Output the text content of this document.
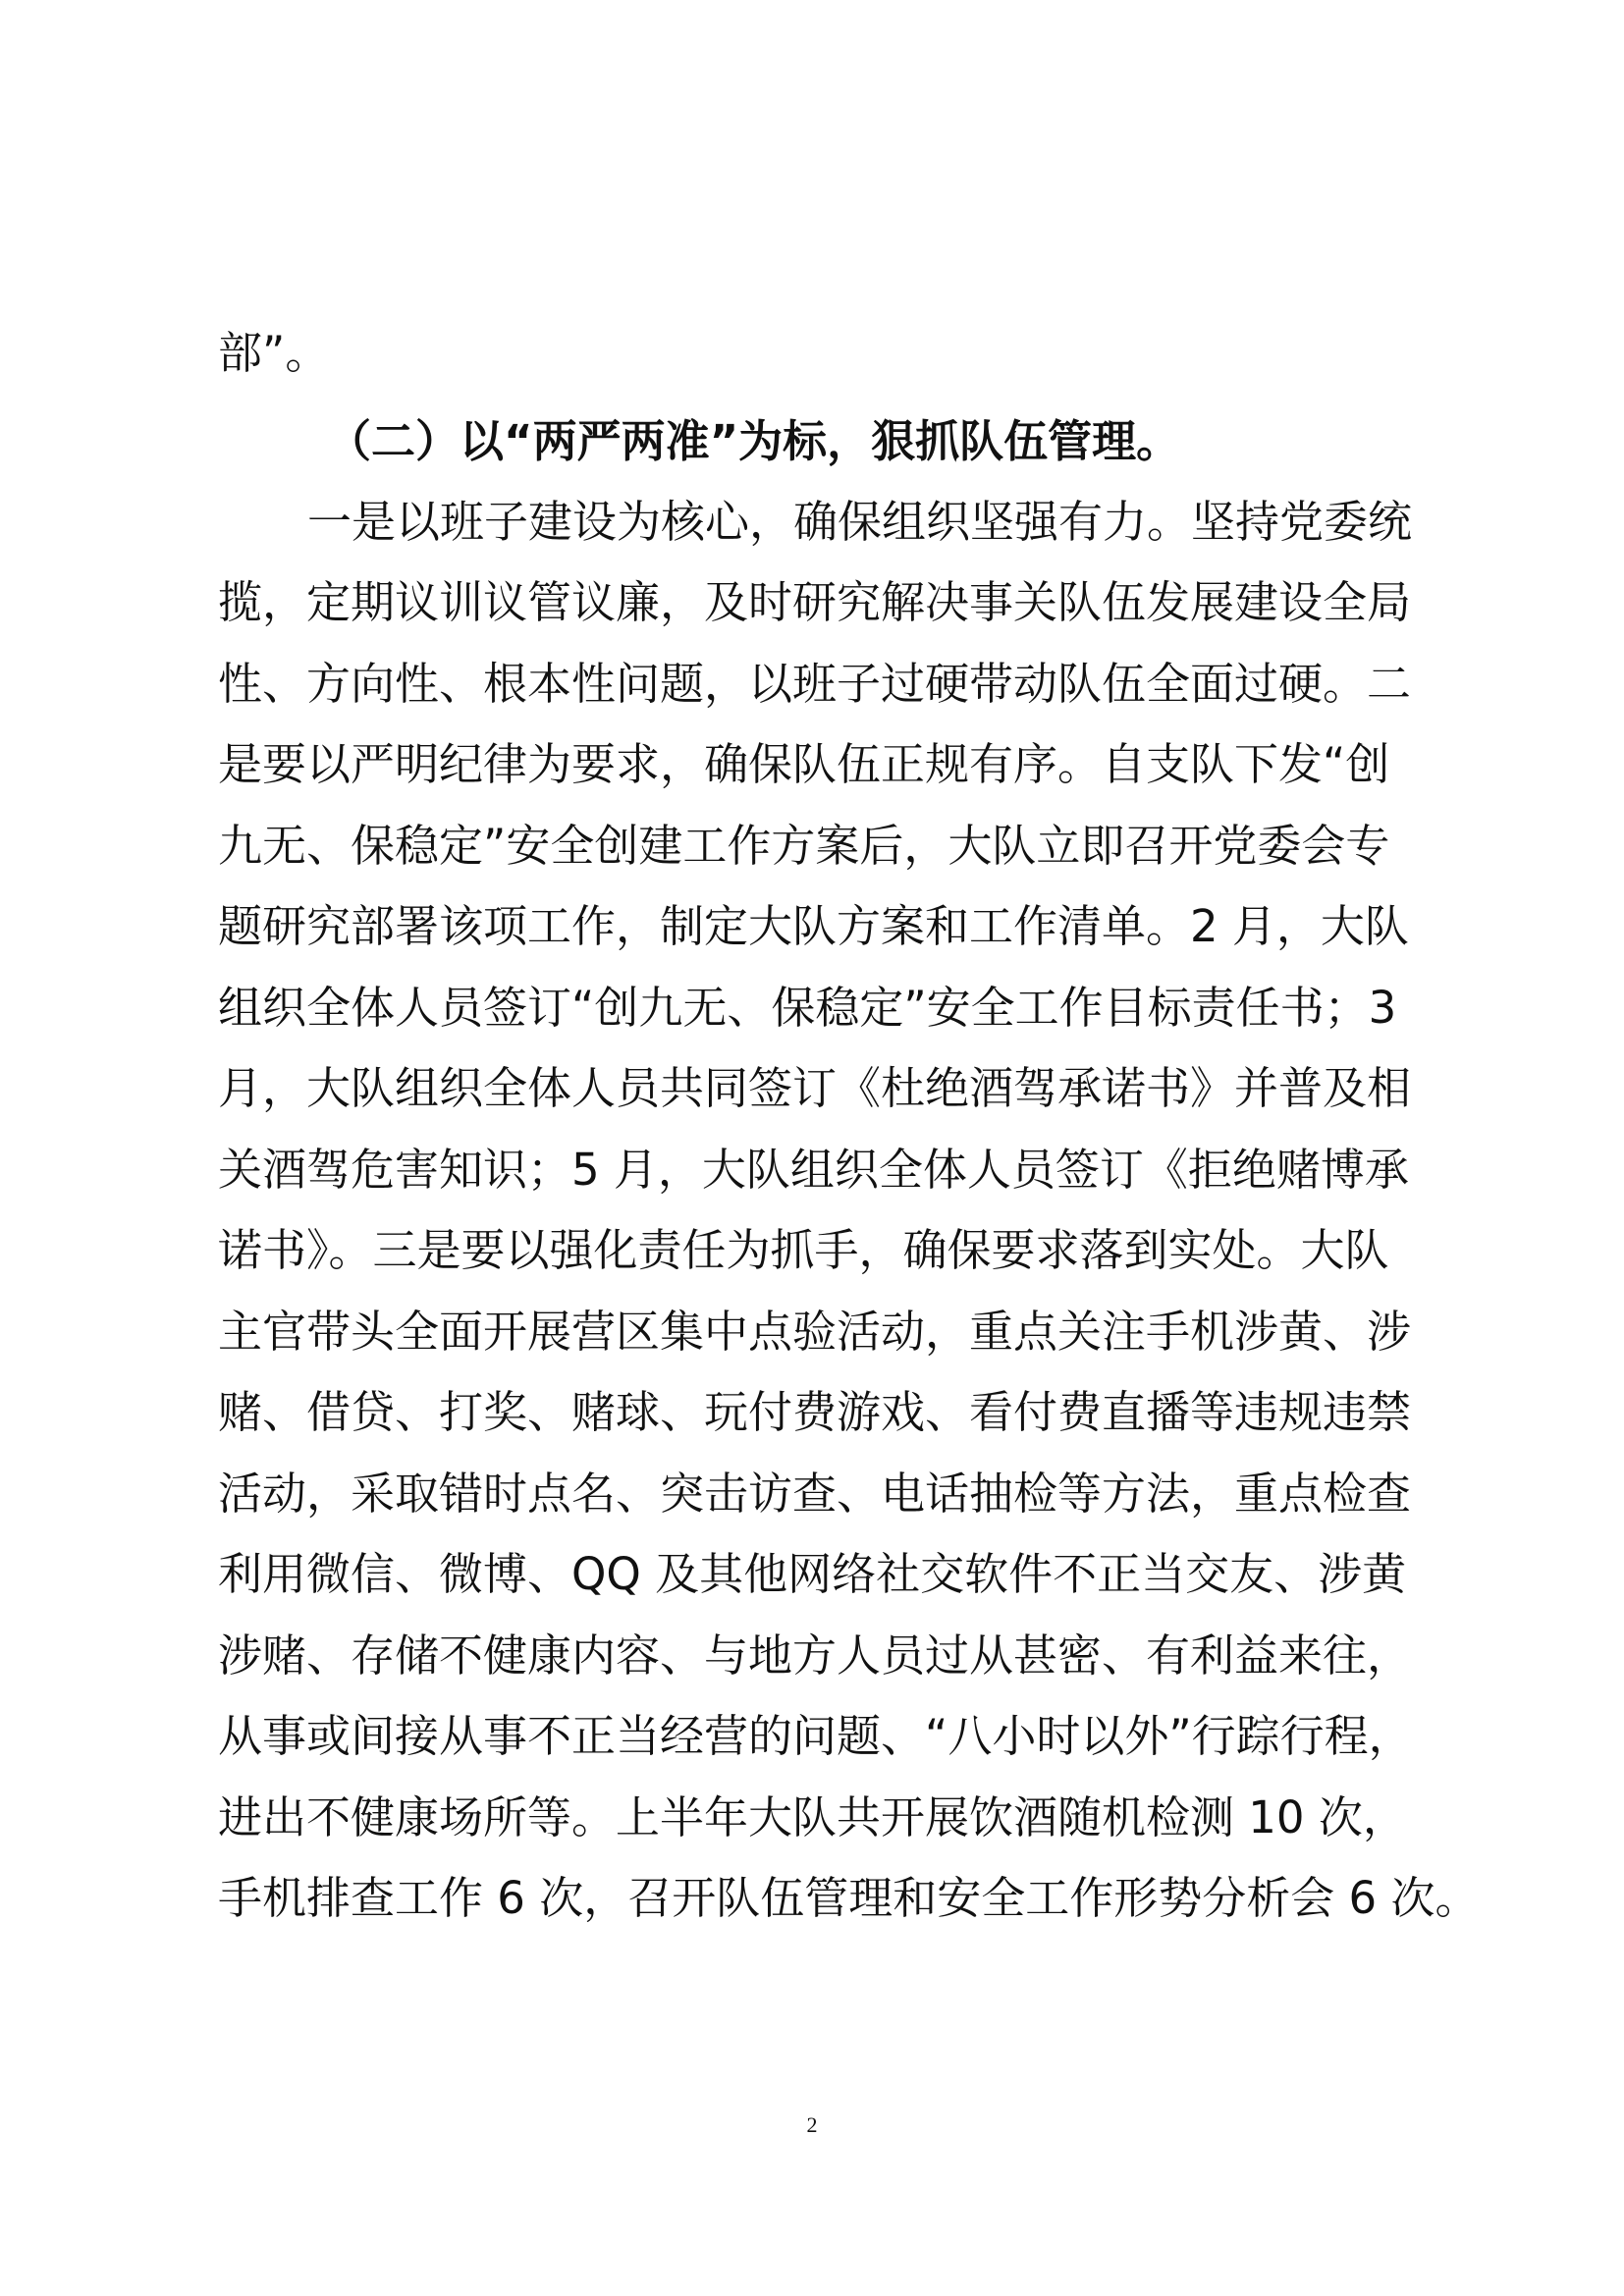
部”。
（二）以“两严两准”为标，狠抓队伍管理。
一是以班子建设为核心，确保组织坚强有力。坚持党委统
揽，定期议训议管议廉，及时研究解决事关队伍发展建设全局
性、方向性、根本性问题，以班子过硬带动队伍全面过硬。二
是要以严明纪律为要求，确保队伍正规有序。自支队下发“创
九无、保稳定”安全创建工作方案后，大队立即召开党委会专
题研究部署该项工作，制定大队方案和工作清单。2 月，大队
组织全体人员签订“创九无、保稳定”安全工作目标责任书；3
月，大队组织全体人员共同签订《杜绝酒驾承诺书》并普及相
关酒驾危害知识；5 月，大队组织全体人员签订《拒绝赌博承
诺书》。三是要以强化责任为抓手，确保要求落到实处。大队
主官带头全面开展营区集中点验活动，重点关注手机涉黄、涉
赌、借贷、打奖、赌球、玩付费游戏、看付费直播等违规违禁
活动，采取错时点名、突击访查、电话抽检等方法，重点检查
利用微信、微博、QQ 及其他网络社交软件不正当交友、涉黄
涉赌、存储不健康内容、与地方人员过从甚密、有利益来往，
从事或间接从事不正当经营的问题、“八小时以外”行踪行程，
进出不健康场所等。上半年大队共开展饮酒随机检测 10 次，
手机排查工作 6 次，召开队伍管理和安全工作形势分析会 6 次。
2
